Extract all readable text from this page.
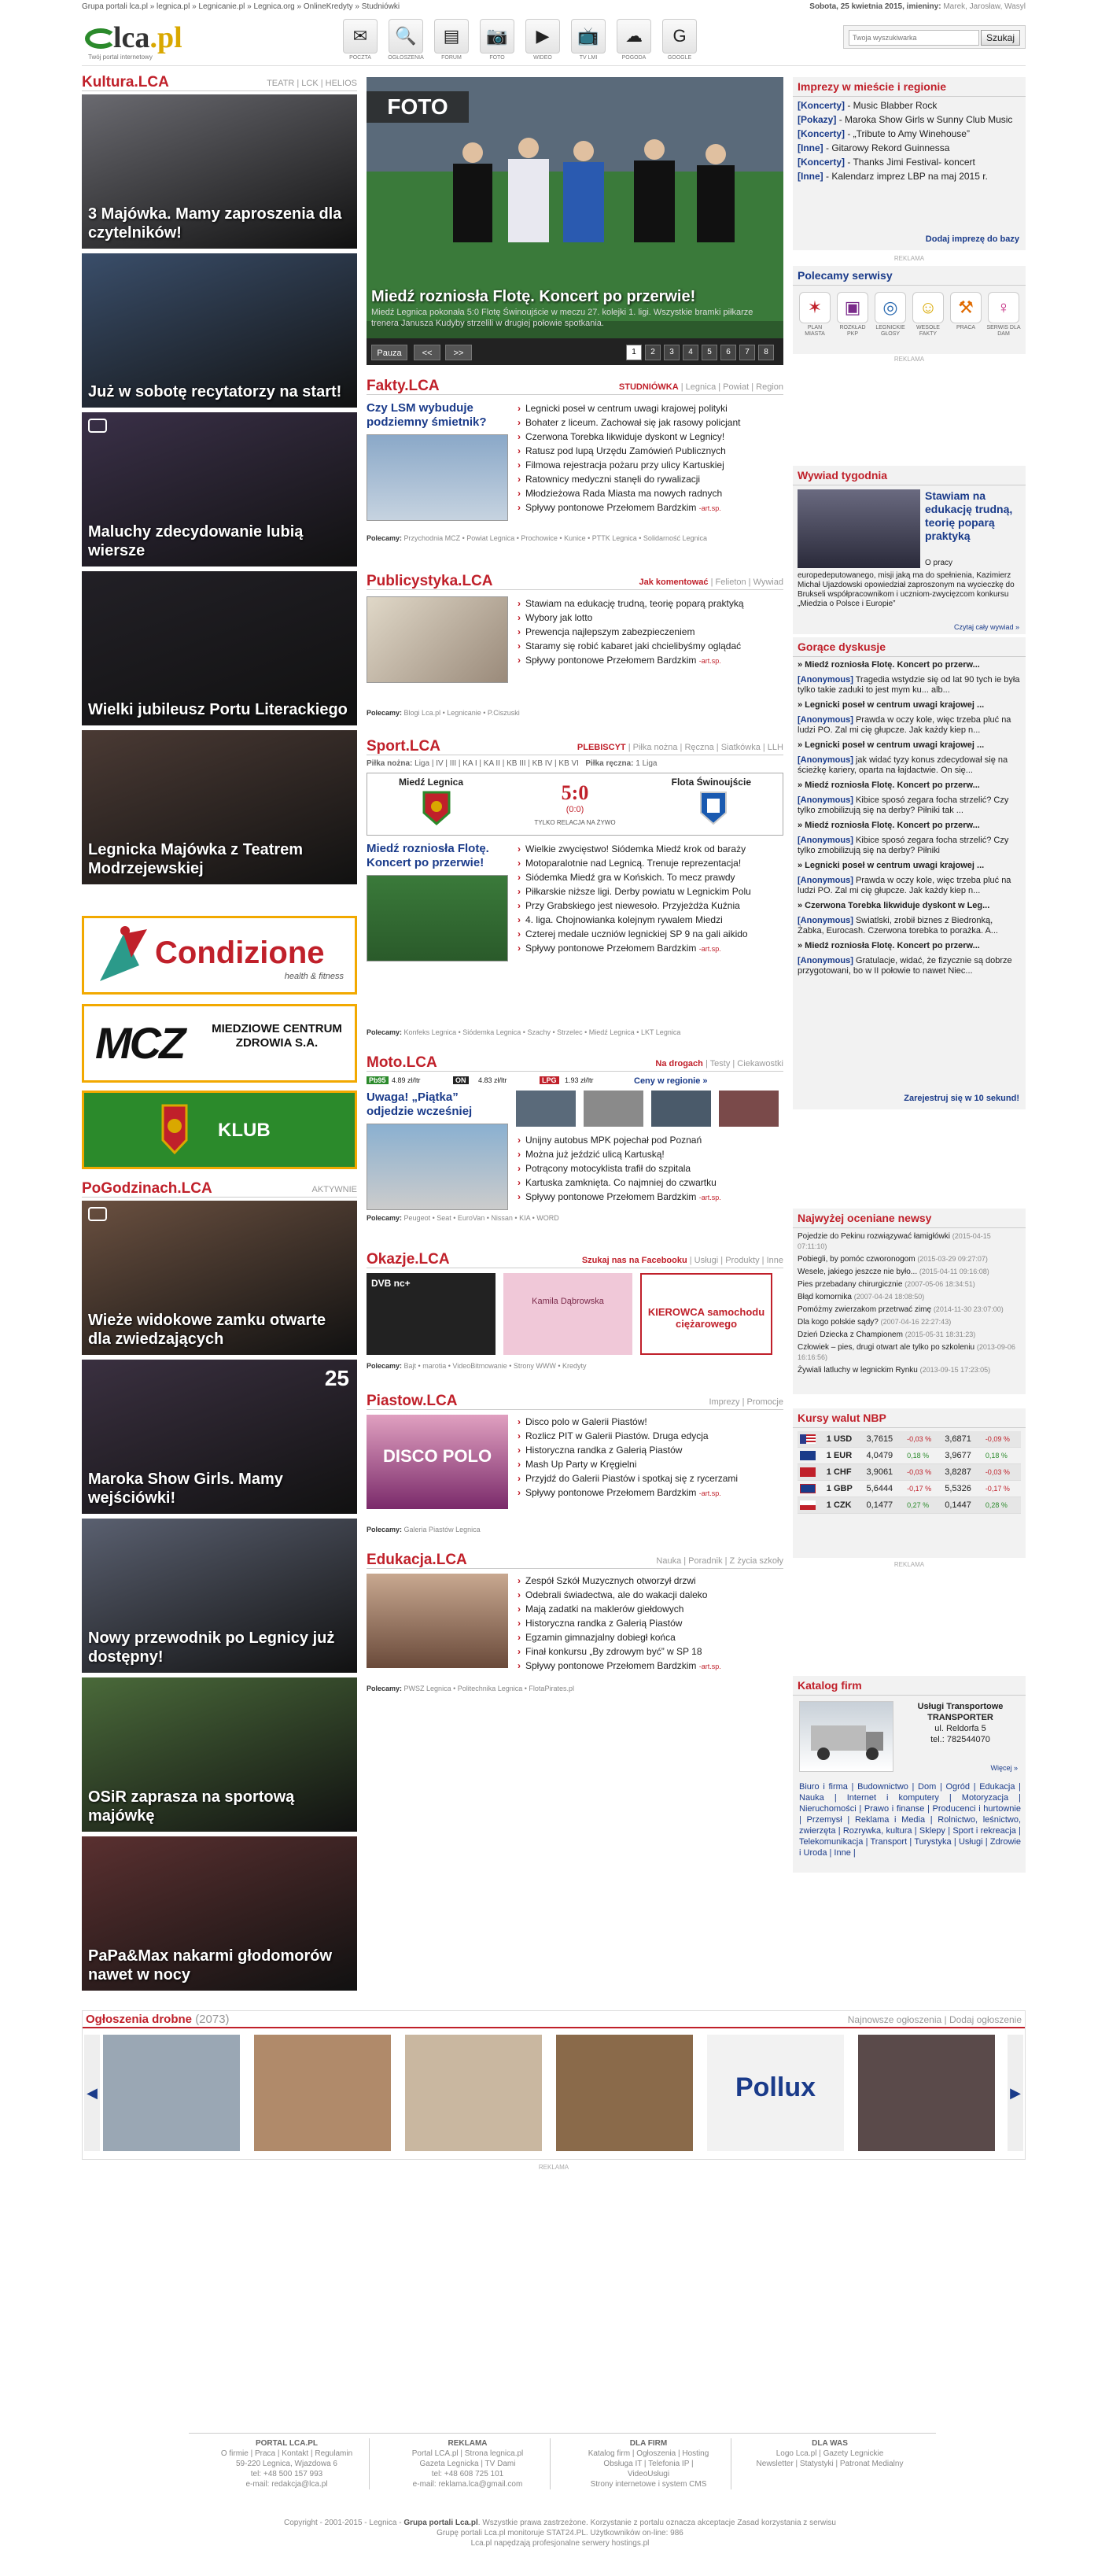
Grupa portali lca.pl » legnica.pl » Legnicanie.pl » Legnica.org » OnlineKredyty » Studniówki	Sobota, 25 kwietnia 2015, imieniny: Marek, Jarosław, Wasyl
lca.pl
Twój portal internetowy
✉
POCZTA
🔍
OGŁOSZENIA
▤
FORUM
📷
FOTO
▶
WIDEO
📺
TV LMI
☁
POGODA
G
GOOGLE
Twoja wyszukiwarka
Szukaj
Kultura.LCA	TEATR | LCK | HELIOS
3 Majówka. Mamy zaproszenia dla czytelników!
Już w sobotę recytatorzy na start!
Maluchy zdecydowanie lubią wiersze
Wielki jubileusz Portu Literackiego
Legnicka Majówka z Teatrem Modrzejewskiej
Condizione
health & fitness
MCZ MIEDZIOWE CENTRUM ZDROWIA S.A.
KLUB
PoGodzinach.LCA	AKTYWNIE
Wieże widokowe zamku otwarte dla zwiedzających
Maroka Show Girls. Mamy wejściówki!
25
Nowy przewodnik po Legnicy już dostępny!
OSiR zaprasza na sportową majówkę
PaPa&Max nakarmi głodomorów nawet w nocy
FOTO
Miedź rozniosła Flotę. Koncert po przerwie!
Miedź Legnica pokonała 5:0 Flotę Świnoujście w meczu 27. kolejki 1. ligi. Wszystkie bramki piłkarze trenera Janusza Kudyby strzelili w drugiej połowie spotkania.
Pauza	<<	>>	1	2	3	4	5	6	7	8
Fakty.LCA	STUDNIÓWKA | Legnica | Powiat | Region
Czy LSM wybuduje podziemny śmietnik?
› Legnicki poseł w centrum uwagi krajowej polityki
› Bohater z liceum. Zachował się jak rasowy policjant
› Czerwona Torebka likwiduje dyskont w Legnicy!
› Ratusz pod lupą Urzędu Zamówień Publicznych
› Filmowa rejestracja pożaru przy ulicy Kartuskiej
› Ratownicy medyczni stanęli do rywalizacji
› Młodzieżowa Rada Miasta ma nowych radnych
› Spływy pontonowe Przełomem Bardzkim -art.sp.
Polecamy: Przychodnia MCZ • Powiat Legnica • Prochowice • Kunice • PTTK Legnica • Solidarność Legnica
Publicystyka.LCA	Jak komentować | Felieton | Wywiad
› Stawiam na edukację trudną, teorię poparą praktyką
› Wybory jak lotto
› Prewencja najlepszym zabezpieczeniem
› Staramy się robić kabaret jaki chcielibyśmy oglądać
› Spływy pontonowe Przełomem Bardzkim -art.sp.
Polecamy: Blogi Lca.pl • Legnicanie • P.Ciszuski
Sport.LCA	PLEBISCYT | Piłka nożna | Ręczna | Siatkówka | LLH
Piłka nożna: Liga | IV | III | KA I | KA II | KB III | KB IV | KB VI Piłka ręczna: 1 Liga
Miedź Legnica	Flota Świnoujście
5:0
(0:0)
TYLKO RELACJA NA ŻYWO
Miedź rozniosła Flotę. Koncert po przerwie!
› Wielkie zwycięstwo! Siódemka Miedź krok od baraży
› Motoparalotnie nad Legnicą. Trenuje reprezentacja!
› Siódemka Miedź gra w Końskich. To mecz prawdy
› Piłkarskie niższe ligi. Derby powiatu w Legnickim Polu
› Przy Grabskiego jest niewesoło. Przyjeżdża Kuźnia
› 4. liga. Chojnowianka kolejnym rywalem Miedzi
› Czterej medale uczniów legnickiej SP 9 na gali aikido
› Spływy pontonowe Przełomem Bardzkim -art.sp.
Polecamy: Konfeks Legnica • Siódemka Legnica • Szachy • Strzelec • Miedź Legnica • LKT Legnica
Moto.LCA	Na drogach | Testy | Ciekawostki
Pb95 4.89 zł/ltr	ON	4.83 zł/ltr	LPG	1.93 zł/ltr	Ceny w regionie »
Uwaga! „Piątka” odjedzie wcześniej
› Unijny autobus MPK pojechał pod Poznań
› Można już jeździć ulicą Kartuską!
› Potrącony motocyklista trafił do szpitala
› Kartuska zamknięta. Co najmniej do czwartku
› Spływy pontonowe Przełomem Bardzkim -art.sp.
Polecamy: Peugeot • Seat • EuroVan • Nissan • KIA • WORD
Okazje.LCA	Szukaj nas na Facebooku | Usługi | Produkty | Inne
DVB nc+
Kamila Dąbrowska
KIEROWCA samochodu ciężarowego
Polecamy: Bajt • marotia • VideoBitmowanie • Strony WWW • Kredyty
Piastow.LCA	Imprezy | Promocje
DISCO POLO
› Disco polo w Galerii Piastów!
› Rozlicz PIT w Galerii Piastów. Druga edycja
› Historyczna randka z Galerią Piastów
› Mash Up Party w Kręgielni
› Przyjdź do Galerii Piastów i spotkaj się z rycerzami
› Spływy pontonowe Przełomem Bardzkim -art.sp.
Polecamy: Galeria Piastów Legnica
Edukacja.LCA	Nauka | Poradnik | Z życia szkoły
› Zespół Szkół Muzycznych otworzył drzwi
› Odebrali świadectwa, ale do wakacji daleko
› Mają zadatki na maklerów giełdowych
› Historyczna randka z Galerią Piastów
› Egzamin gimnazjalny dobiegł końca
› Finał konkursu „By zdrowym być” w SP 18
› Spływy pontonowe Przełomem Bardzkim -art.sp.
Polecamy: PWSZ Legnica • Politechnika Legnica • FlotaPirates.pl
Imprezy w mieście i regionie
[Koncerty] - Music Blabber Rock
[Pokazy] - Maroka Show Girls w Sunny Club Music
[Koncerty] - „Tribute to Amy Winehouse”
[Inne] - Gitarowy Rekord Guinnessa
[Koncerty] - Thanks Jimi Festival- koncert
[Inne] - Kalendarz imprez LBP na maj 2015 r.
Dodaj imprezę do bazy
REKLAMA
Polecamy serwisy
✶
PLAN MIASTA
▣
ROZKŁAD PKP
◎
LEGNICKIE GŁOSY
☺
WESOŁE FAKTY
⚒
PRACA
♀
SERWIS DLA DAM
REKLAMA
Wywiad tygodnia
Stawiam na edukację trudną, teorię poparą praktyką
O pracy
europedeputowanego, misji jaką ma do spełnienia, Kazimierz Michał Ujazdowski opowiedział zaproszonym na wycieczkę do Brukseli współpracownikom i uczniom-zwycięzcom konkursu „Miedzia o Polsce i Europie”
Czytaj cały wywiad »
Gorące dyskusje
» Miedź rozniosła Flotę. Koncert po przerw...
[Anonymous] Tragedia wstydzie się od lat 90 tych ie była tylko takie zaduki to jest mym ku... alb...
» Legnicki poseł w centrum uwagi krajowej ...
[Anonymous] Prawda w oczy kole, więc trzeba pluć na ludzi PO. Zal mi cię głupcze. Jak każdy kiep n...
» Legnicki poseł w centrum uwagi krajowej ...
[Anonymous] jak widać tyzy konus zdecydował się na ścieżkę kariery, oparta na łajdactwie. On się...
» Miedź rozniosła Flotę. Koncert po przerw...
[Anonymous] Kibice sposó zegara focha strzelić? Czy tylko zmobilizują się na derby? Piłniki tak ...
» Miedź rozniosła Flotę. Koncert po przerw...
[Anonymous] Kibice sposó zegara focha strzelić? Czy tylko zmobilizują się na derby? Piłniki
» Legnicki poseł w centrum uwagi krajowej ...
[Anonymous] Prawda w oczy kole, więc trzeba pluć na ludzi PO. Zal mi cię głupcze. Jak każdy kiep n...
» Czerwona Torebka likwiduje dyskont w Leg...
[Anonymous] Swiatlski, zrobił biznes z Biedronką, Żabka, Eurocash. Czerwona torebka to porażka. A...
» Miedź rozniosła Flotę. Koncert po przerw...
[Anonymous] Gratulacje, widać, że fizycznie są dobrze przygotowani, bo w II połowie to nawet Niec...
Zarejestruj się w 10 sekund!
Najwyżej oceniane newsy
Pojedzie do Pekinu rozwiązywać łamigłówki (2015-04-15 07:11:10)
Pobiegli, by pomóc czworonogom (2015-03-29 09:27:07)
Wesele, jakiego jeszcze nie było... (2015-04-11 09:16:08)
Pies przebadany chirurgicznie (2007-05-06 18:34:51)
Błąd komornika (2007-04-24 18:08:50)
Pomóżmy zwierzakom przetrwać zimę (2014-11-30 23:07:00)
Dla kogo polskie sądy? (2007-04-16 22:27:43)
Dzień Dziecka z Championem (2015-05-31 18:31:23)
Człowiek – pies, drugi otwart ale tylko po szkoleniu (2013-09-06 16:16:56)
Żywiali latluchy w legnickim Rynku (2013-09-15 17:23:05)
Kursy walut NBP
	1 USD	3,7615	-0,03 %	3,6871	-0,09 %
	1 EUR	4,0479	0,18 %	3,9677	0,18 %
	1 CHF	3,9061	-0,03 %	3,8287	-0,03 %
	1 GBP	5,6444	-0,17 %	5,5326	-0,17 %
	1 CZK	0,1477	0,27 %	0,1447	0,28 %
REKLAMA
Katalog firm
Usługi Transportowe TRANSPORTER
ul. Reldorfa 5
tel.: 782544070
Więcej »
Biuro i firma | Budownictwo | Dom | Ogród | Edukacja | Nauka | Internet i komputery | Motoryzacja | Nieruchomości | Prawo i finanse | Producenci i hurtownie | Przemysł | Reklama i Media | Rolnictwo, leśnictwo, zwierzęta | Rozrywka, kultura | Sklepy | Sport i rekreacja | Telekomunikacja | Transport | Turystyka | Usługi | Zdrowie i Uroda | Inne |
Ogłoszenia drobne (2073)	Najnowsze ogłoszenia | Dodaj ogłoszenie
◀	Pollux	▶
REKLAMA
PORTAL LCA.PL
O firmie | Praca | Kontakt | Regulamin
59-220 Legnica, Wjazdowa 6
tel: +48 500 157 993
e-mail: redakcja@lca.pl
REKLAMA
Portal LCA.pl | Strona legnica.pl
Gazeta Legnicka | TV Dami
tel: +48 608 725 101
e-mail: reklama.lca@gmail.com
DLA FIRM
Katalog firm | Ogłoszenia | Hosting
Obsługa IT | Telefonia IP |
VideoUsługi
Strony internetowe i system CMS
DLA WAS
Logo Lca.pl | Gazety Legnickie
Newsletter | Statystyki | Patronat Medialny
Copyright - 2001-2015 - Legnica - Grupa portali Lca.pl. Wszystkie prawa zastrzeżone. Korzystanie z portalu oznacza akceptacje Zasad korzystania z serwisu
Grupę portali Lca.pl monitoruje STAT24.PL. Użytkowników on-line: 986
Lca.pl napędzają profesjonalne serwery hostings.pl
